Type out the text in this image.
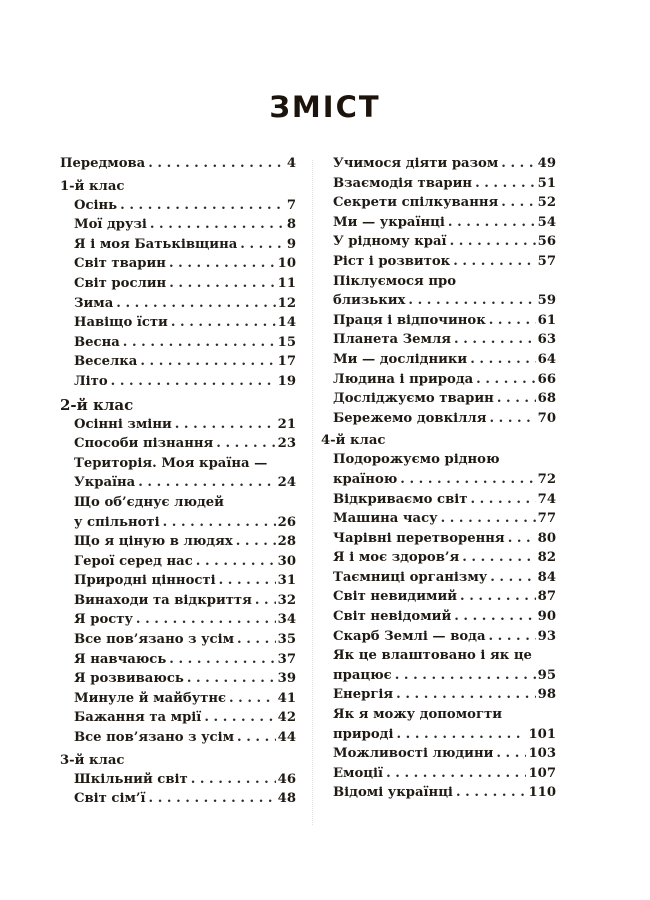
ЗМІСТ
Передмова . . .	4
1-й клас
Осінь . . .	7
Мої друзі . . .	8
Я і моя Батьківщина . . .	9
Світ тварин . . .	10
Світ рослин . . .	11
Зима . . .	12
Навіщо їсти . . .	14
Весна . . .	15
Веселка . . .	17
Літо . . .	19
2-й клас
Осінні зміни . . .	21
Способи пізнання . . .	23
Територія. Моя країна —
Україна . . .	24
Що об’єднує людей
у спільноті . . .	26
Що я ціную в людях . . .	28
Герої серед нас . . .	30
Природні цінності . . .	31
Винаходи та відкриття . . . 32
Я росту . . .	34
Все пов’язано з усім . . .	35
Я навчаюсь . . .	37
Я розвиваюсь . . .	39
Минуле й майбутнє . . .	41
Бажання та мрії . . .	42
Все пов’язано з усім . . .	44
3-й клас
Шкільний світ . . .	46
Світ сім’ї . . .	48
Учимося діяти разом . . .	49
Взаємодія тварин . . .	51
Секрети спілкування . . .	52
Ми — українці . . .	54
У рідному краї . . .	56
Ріст і розвиток . . .	57
Піклуємося про
близьких . . .	59
Праця і відпочинок . . .	61
Планета Земля . . .	63
Ми — дослідники . . .	64
Людина і природа . . .	66
Досліджуємо тварин . . .	68
Бережемо довкілля . . .	70
4-й клас
Подорожуємо рідною
країною . . .	72
Відкриваємо світ . . .	74
Машина часу . . .	77
Чарівні перетворення . . . 80
Я і моє здоров’я . . .	82
Таємниці організму . . .	84
Світ невидимий . . .	87
Світ невідомий . . .	90
Скарб Землі — вода . . .	93
Як це влаштовано і як це
працює . . .	95
Енергія . . .	98
Як я можу допомогти
природі . . .	101
Можливості людини . . .	103
Емоції . . .	107
Відомі українці . . .	110
